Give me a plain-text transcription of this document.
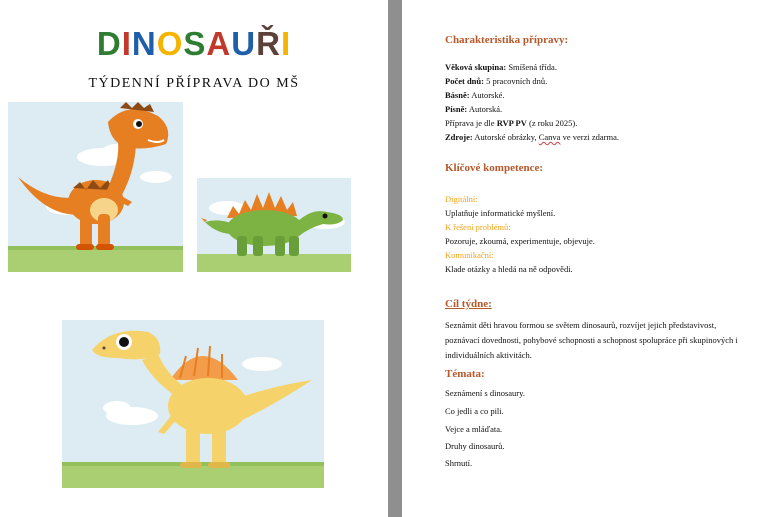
DINOSAUŘI
TÝDENNÍ PŘÍPRAVA DO MŠ
Charakteristika přípravy:
Věková skupina: Smíšená třída.
Počet dnů: 5 pracovních dnů.
Básně: Autorské.
Písně: Autorská.
Příprava je dle RVP PV (z roku 2025).
Zdroje: Autorské obrázky, Canva ve verzi zdarma.
Klíčové kompetence:
Digitální:
Uplatňuje informatické myšlení.
K řešení problémů:
Pozoruje, zkoumá, experimentuje, objevuje.
Komunikační:
Klade otázky a hledá na ně odpovědi.
Cíl týdne:
Seznámit děti hravou formou se světem dinosaurů, rozvíjet jejich představivost, poznávací dovednosti, pohybové schopnosti a schopnost spolupráce při skupinových i individuálních aktivitách.
Témata:
Seznámení s dinosaury.
Co jedli a co pili.
Vejce a mláďata.
Druhy dinosaurů.
Shrnutí.
